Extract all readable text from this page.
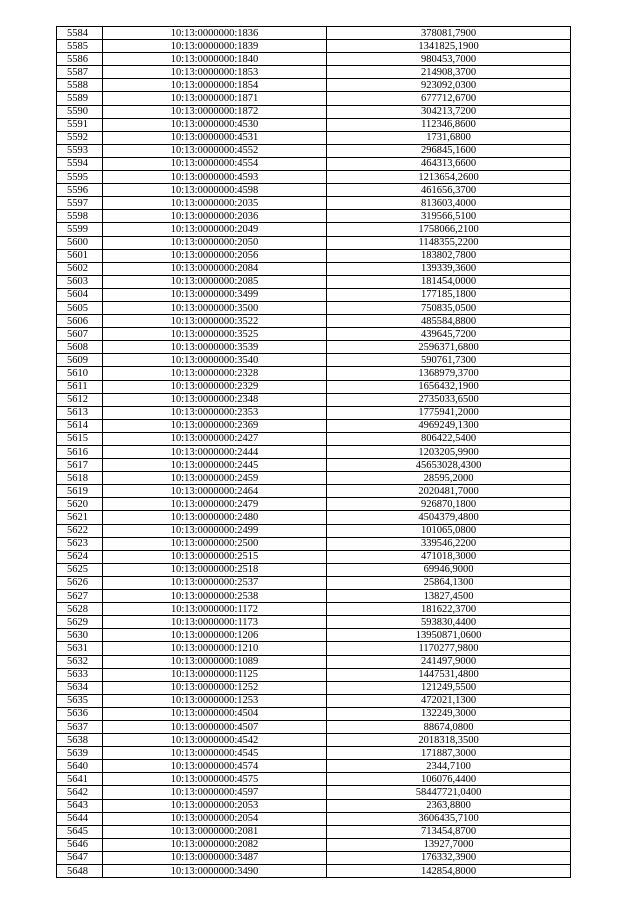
5584	10:13:0000000:1836	378081,7900
5585	10:13:0000000:1839	1341825,1900
5586	10:13:0000000:1840	980453,7000
5587	10:13:0000000:1853	214908,3700
5588	10:13:0000000:1854	923092,0300
5589	10:13:0000000:1871	677712,6700
5590	10:13:0000000:1872	304213,7200
5591	10:13:0000000:4530	112346,8600
5592	10:13:0000000:4531	1731,6800
5593	10:13:0000000:4552	296845,1600
5594	10:13:0000000:4554	464313,6600
5595	10:13:0000000:4593	1213654,2600
5596	10:13:0000000:4598	461656,3700
5597	10:13:0000000:2035	813603,4000
5598	10:13:0000000:2036	319566,5100
5599	10:13:0000000:2049	1758066,2100
5600	10:13:0000000:2050	1148355,2200
5601	10:13:0000000:2056	183802,7800
5602	10:13:0000000:2084	139339,3600
5603	10:13:0000000:2085	181454,0000
5604	10:13:0000000:3499	177185,1800
5605	10:13:0000000:3500	750835,0500
5606	10:13:0000000:3522	485584,8800
5607	10:13:0000000:3525	439645,7200
5608	10:13:0000000:3539	2596371,6800
5609	10:13:0000000:3540	590761,7300
5610	10:13:0000000:2328	1368979,3700
5611	10:13:0000000:2329	1656432,1900
5612	10:13:0000000:2348	2735033,6500
5613	10:13:0000000:2353	1775941,2000
5614	10:13:0000000:2369	4969249,1300
5615	10:13:0000000:2427	806422,5400
5616	10:13:0000000:2444	1203205,9900
5617	10:13:0000000:2445	45653028,4300
5618	10:13:0000000:2459	28595,2000
5619	10:13:0000000:2464	2020481,7000
5620	10:13:0000000:2479	926870,1800
5621	10:13:0000000:2480	4504379,4800
5622	10:13:0000000:2499	101065,0800
5623	10:13:0000000:2500	339546,2200
5624	10:13:0000000:2515	471018,3000
5625	10:13:0000000:2518	69946,9000
5626	10:13:0000000:2537	25864,1300
5627	10:13:0000000:2538	13827,4500
5628	10:13:0000000:1172	181622,3700
5629	10:13:0000000:1173	593830,4400
5630	10:13:0000000:1206	13950871,0600
5631	10:13:0000000:1210	1170277,9800
5632	10:13:0000000:1089	241497,9000
5633	10:13:0000000:1125	1447531,4800
5634	10:13:0000000:1252	121249,5500
5635	10:13:0000000:1253	472021,1300
5636	10:13:0000000:4504	132249,3000
5637	10:13:0000000:4507	88674,0800
5638	10:13:0000000:4542	2018318,3500
5639	10:13:0000000:4545	171887,3000
5640	10:13:0000000:4574	2344,7100
5641	10:13:0000000:4575	106076,4400
5642	10:13:0000000:4597	58447721,0400
5643	10:13:0000000:2053	2363,8800
5644	10:13:0000000:2054	3606435,7100
5645	10:13:0000000:2081	713454,8700
5646	10:13:0000000:2082	13927,7000
5647	10:13:0000000:3487	176332,3900
5648	10:13:0000000:3490	142854,8000
